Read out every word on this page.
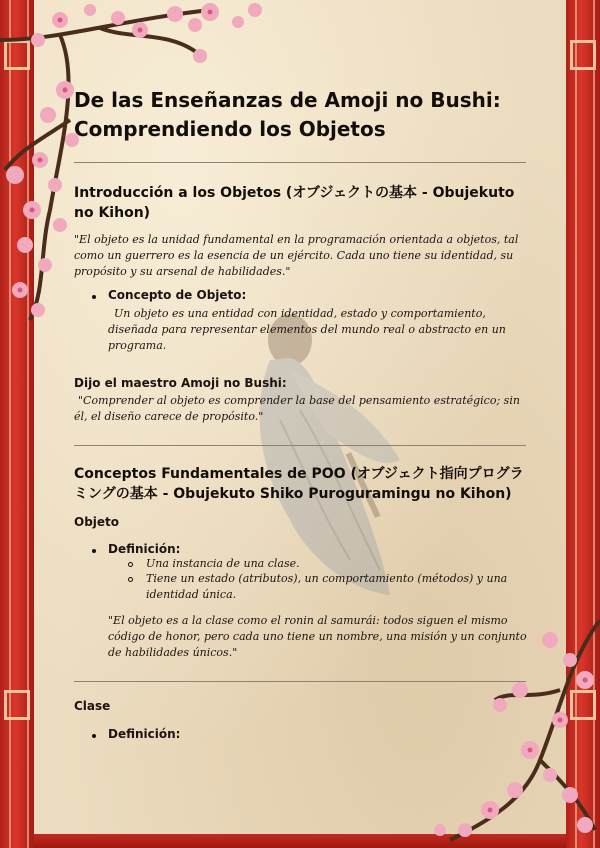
De las Enseñanzas de Amoji no Bushi: Comprendiendo los Objetos
Introducción a los Objetos (オブジェクトの基本 - Obujekuto no Kihon)

"El objeto es la unidad fundamental en la programación orientada a objetos, tal como un guerrero es la esencia de un ejército. Cada uno tiene su identidad, su propósito y su arsenal de habilidades."

Concepto de Objeto:

Un objeto es una entidad con identidad, estado y comportamiento, diseñada para representar elementos del mundo real o abstracto en un programa.

Dijo el maestro Amoji no Bushi:

"Comprender al objeto es comprender la base del pensamiento estratégico; sin él, el diseño carece de propósito."

Conceptos Fundamentales de POO (オブジェクト指向プログラミングの基本 - Obujekuto Shiko Puroguramingu no Kihon)

Objeto

Definición:

Una instancia de una clase.

Tiene un estado (atributos), un comportamiento (métodos) y una identidad única.

"El objeto es a la clase como el ronin al samurái: todos siguen el mismo código de honor, pero cada uno tiene un nombre, una misión y un conjunto de habilidades únicos."

Clase

Definición:
